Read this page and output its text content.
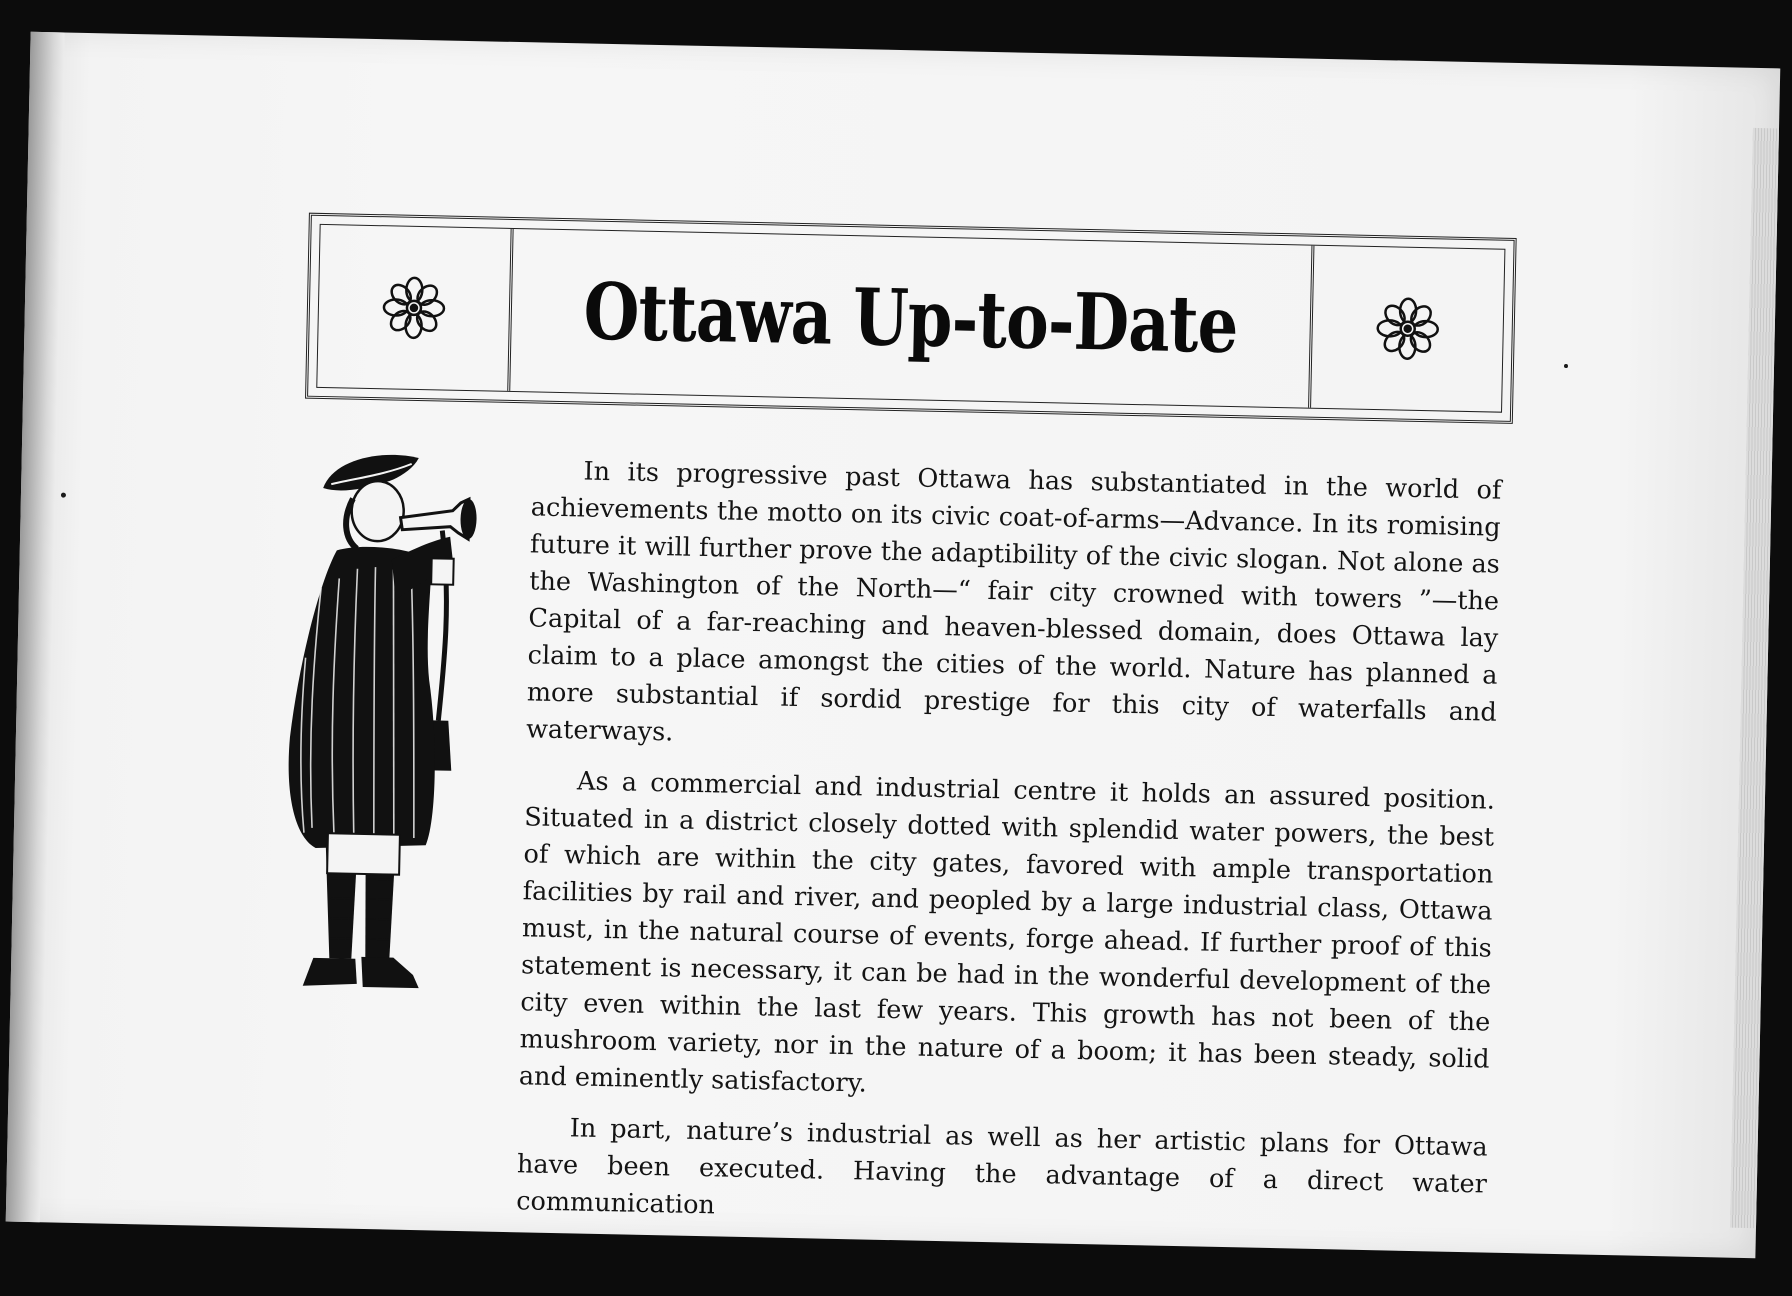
Ottawa Up-to-Date

In its progressive past Ottawa has substantiated in the world of achievements the motto on its civic coat-of-arms—Advance. In its romising future it will further prove the adaptibility of the civic slogan. Not alone as the Washington of the North—“ fair city crowned with towers ”—the Capital of a far-reaching and heaven-blessed domain, does Ottawa lay claim to a place amongst the cities of the world. Nature has planned a more substantial if sordid prestige for this city of waterfalls and waterways.

As a commercial and industrial centre it holds an assured position. Situated in a district closely dotted with splendid water powers, the best of which are within the city gates, favored with ample transportation facilities by rail and river, and peopled by a large industrial class, Ottawa must, in the natural course of events, forge ahead. If further proof of this statement is necessary, it can be had in the wonderful development of the city even within the last few years. This growth has not been of the mushroom variety, nor in the nature of a boom; it has been steady, solid and eminently satisfactory.

In part, nature’s industrial as well as her artistic plans for Ottawa have been executed. Having the advantage of a direct water communication
